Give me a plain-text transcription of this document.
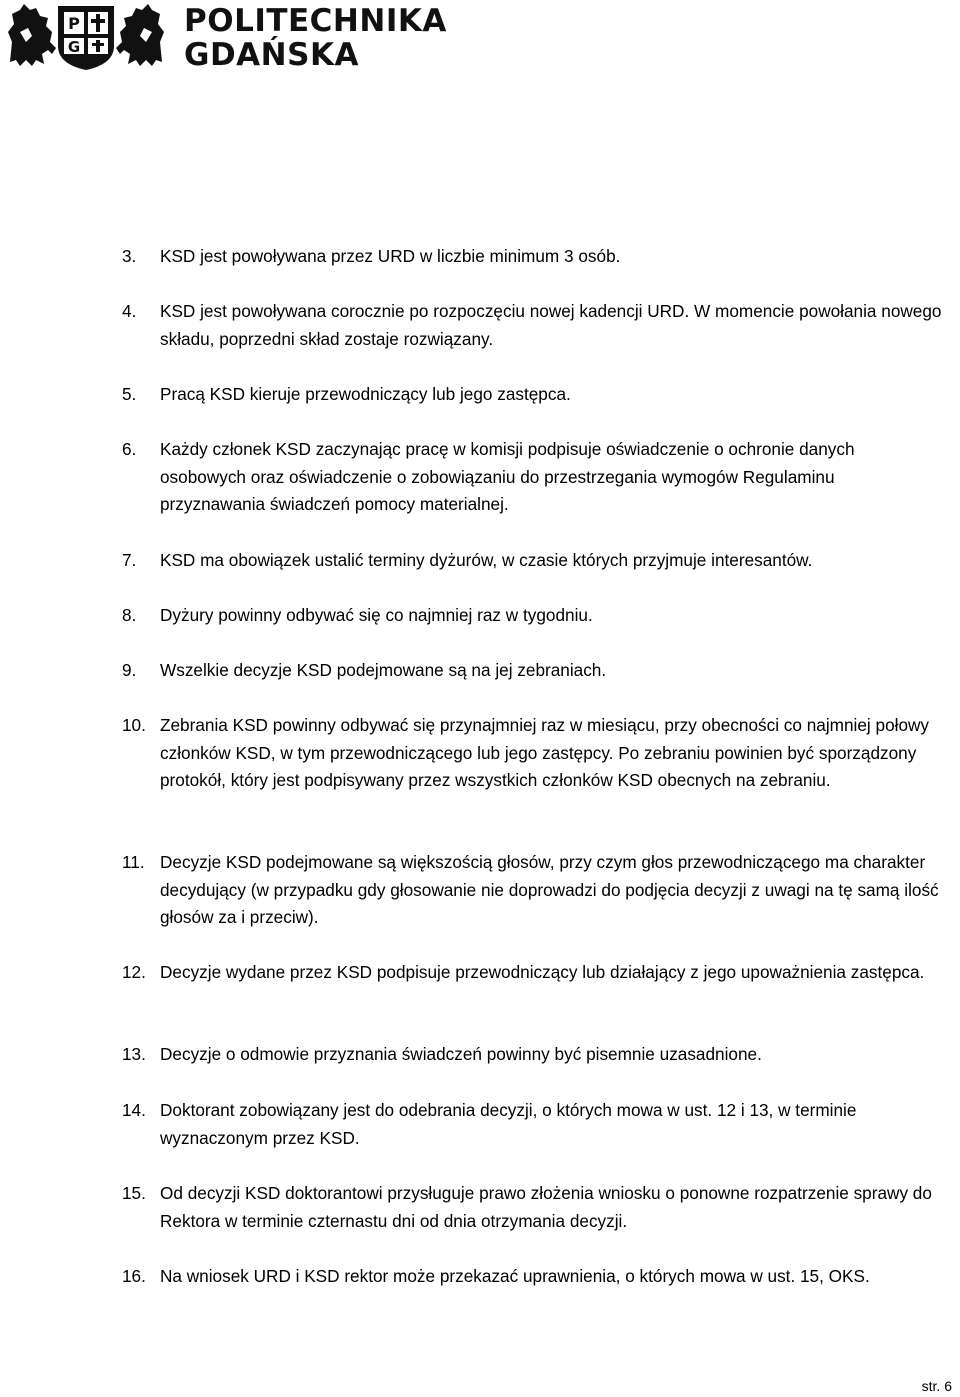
P
G
POLITECHNIKA
GDAŃSKA
3. KSD jest powoływana przez URD w liczbie minimum 3 osób.
4. KSD jest powoływana corocznie po rozpoczęciu nowej kadencji URD. W momencie powołania nowego składu, poprzedni skład zostaje rozwiązany.
5. Pracą KSD kieruje przewodniczący lub jego zastępca.
6. Każdy członek KSD zaczynając pracę w komisji podpisuje oświadczenie o ochronie danych osobowych oraz oświadczenie o zobowiązaniu do przestrzegania wymogów Regulaminu przyznawania świadczeń pomocy materialnej.
7. KSD ma obowiązek ustalić terminy dyżurów, w czasie których przyjmuje interesantów.
8. Dyżury powinny odbywać się co najmniej raz w tygodniu.
9. Wszelkie decyzje KSD podejmowane są na jej zebraniach.
10. Zebrania KSD powinny odbywać się przynajmniej raz w miesiącu, przy obecności co najmniej połowy członków KSD, w tym przewodniczącego lub jego zastępcy. Po zebraniu powinien być sporządzony protokół, który jest podpisywany przez wszystkich członków KSD obecnych na zebraniu.
11. Decyzje KSD podejmowane są większością głosów, przy czym głos przewodniczącego ma charakter decydujący (w przypadku gdy głosowanie nie doprowadzi do podjęcia decyzji z uwagi na tę samą ilość głosów za i przeciw).
12. Decyzje wydane przez KSD podpisuje przewodniczący lub działający z jego upoważnienia zastępca.
13. Decyzje o odmowie przyznania świadczeń powinny być pisemnie uzasadnione.
14. Doktorant zobowiązany jest do odebrania decyzji, o których mowa w ust. 12 i 13, w terminie wyznaczonym przez KSD.
15. Od decyzji KSD doktorantowi przysługuje prawo złożenia wniosku o ponowne rozpatrzenie sprawy do Rektora w terminie czternastu dni od dnia otrzymania decyzji.
16. Na wniosek URD i KSD rektor może przekazać uprawnienia, o których mowa w ust. 15, OKS.
str. 6
